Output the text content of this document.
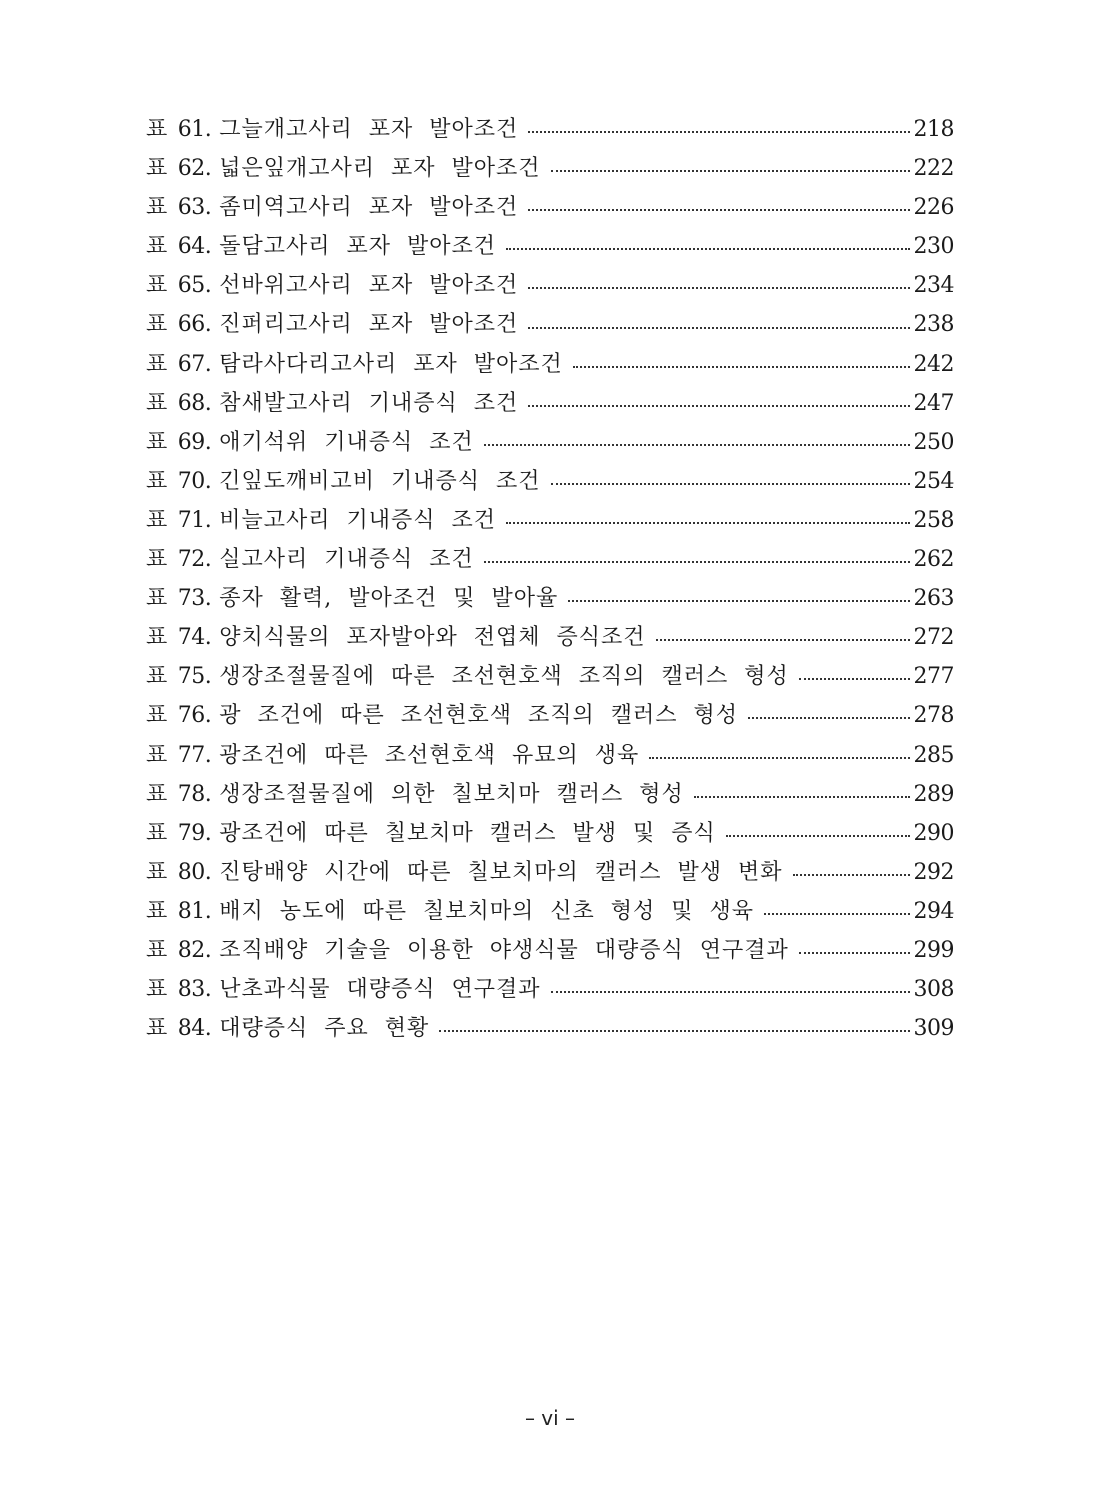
표 61. 그늘개고사리 포자 발아조건	218
표 62. 넓은잎개고사리 포자 발아조건	222
표 63. 좀미역고사리 포자 발아조건	226
표 64. 돌담고사리 포자 발아조건	230
표 65. 선바위고사리 포자 발아조건	234
표 66. 진퍼리고사리 포자 발아조건	238
표 67. 탐라사다리고사리 포자 발아조건	242
표 68. 참새발고사리 기내증식 조건	247
표 69. 애기석위 기내증식 조건	250
표 70. 긴잎도깨비고비 기내증식 조건	254
표 71. 비늘고사리 기내증식 조건	258
표 72. 실고사리 기내증식 조건	262
표 73. 종자 활력, 발아조건 및 발아율	263
표 74. 양치식물의 포자발아와 전엽체 증식조건	272
표 75. 생장조절물질에 따른 조선현호색 조직의 캘러스 형성	277
표 76. 광 조건에 따른 조선현호색 조직의 캘러스 형성	278
표 77. 광조건에 따른 조선현호색 유묘의 생육	285
표 78. 생장조절물질에 의한 칠보치마 캘러스 형성	289
표 79. 광조건에 따른 칠보치마 캘러스 발생 및 증식	290
표 80. 진탕배양 시간에 따른 칠보치마의 캘러스 발생 변화	292
표 81. 배지 농도에 따른 칠보치마의 신초 형성 및 생육	294
표 82. 조직배양 기술을 이용한 야생식물 대량증식 연구결과	299
표 83. 난초과식물 대량증식 연구결과	308
표 84. 대량증식 주요 현황	309
– vi –
